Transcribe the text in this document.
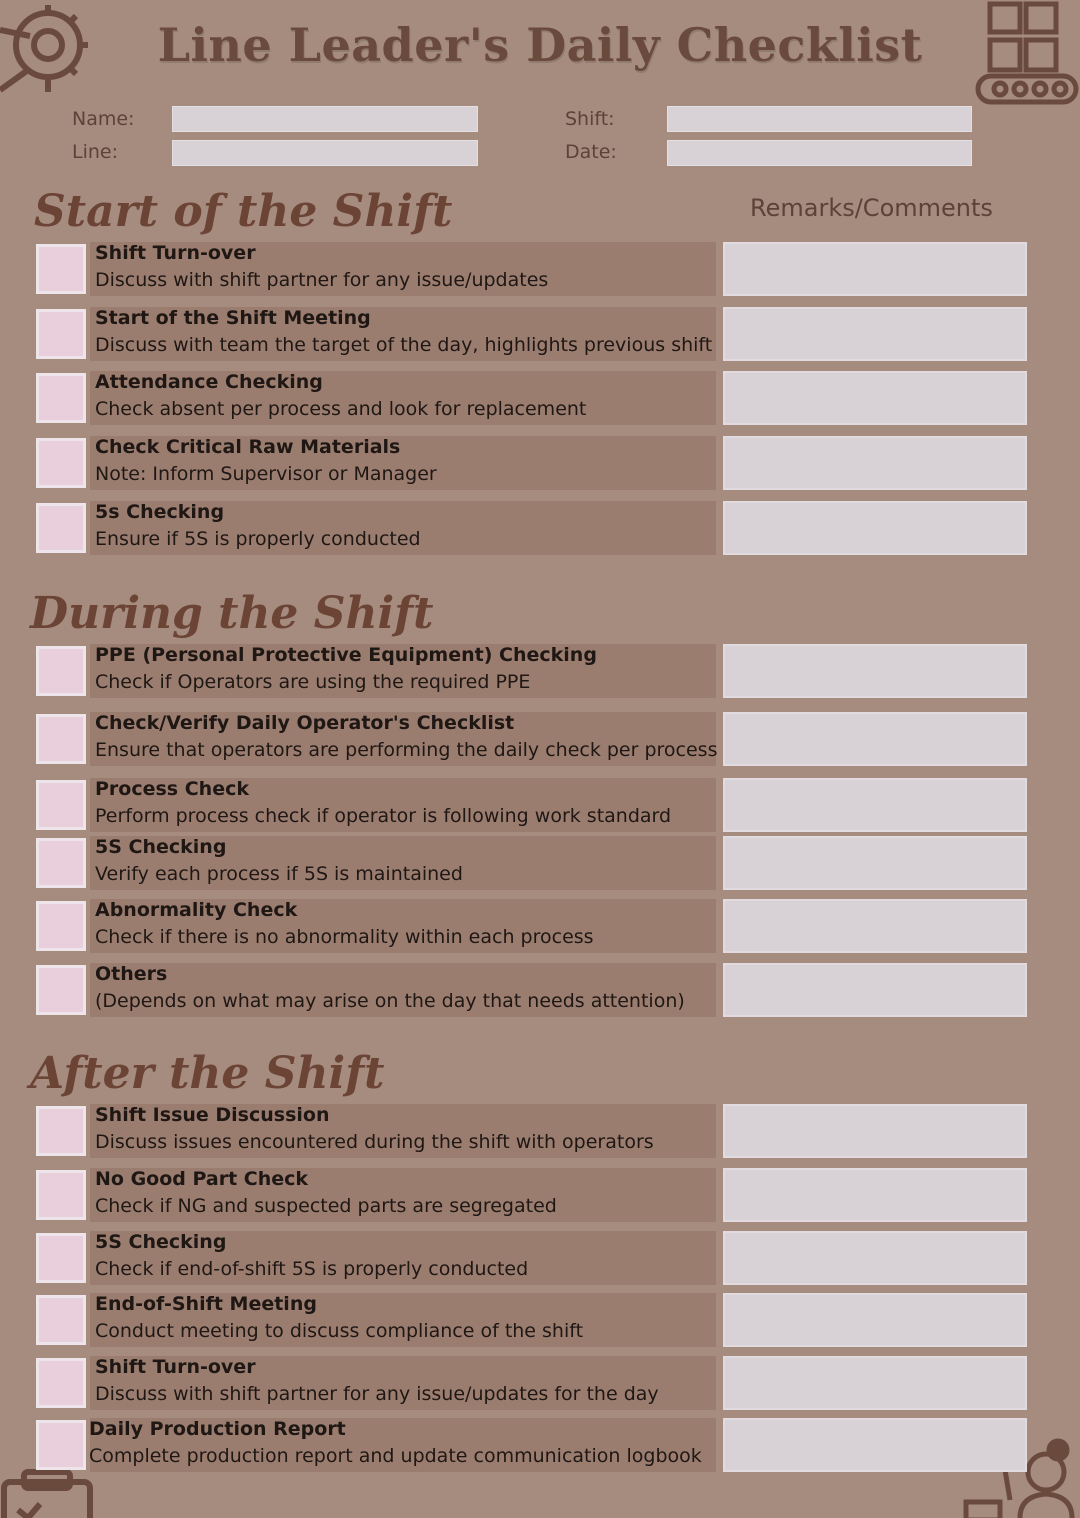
Line Leader's Daily Checklist
Name:
Line:
Shift:
Date:
Remarks/Comments
Start of the Shift
Shift Turn-over
Discuss with shift partner for any issue/updates
Start of the Shift Meeting
Discuss with team the target of the day, highlights previous shift
Attendance Checking
Check absent per process and look for replacement
Check Critical Raw Materials
Note: Inform Supervisor or Manager
5s Checking
Ensure if 5S is properly conducted
During the Shift
PPE (Personal Protective Equipment) Checking
Check if Operators are using the required PPE
Check/Verify Daily Operator's Checklist
Ensure that operators are performing the daily check per process
Process Check
Perform process check if operator is following work standard
5S Checking
Verify each process if 5S is maintained
Abnormality Check
Check if there is no abnormality within each process
Others
(Depends on what may arise on the day that needs attention)
After the Shift
Shift Issue Discussion
Discuss issues encountered during the shift with operators
No Good Part Check
Check if NG and suspected parts are segregated
5S Checking
Check if end-of-shift 5S is properly conducted
End-of-Shift Meeting
Conduct meeting to discuss compliance of the shift
Shift Turn-over
Discuss with shift partner for any issue/updates for the day
Daily Production Report
Complete production report and update communication logbook
